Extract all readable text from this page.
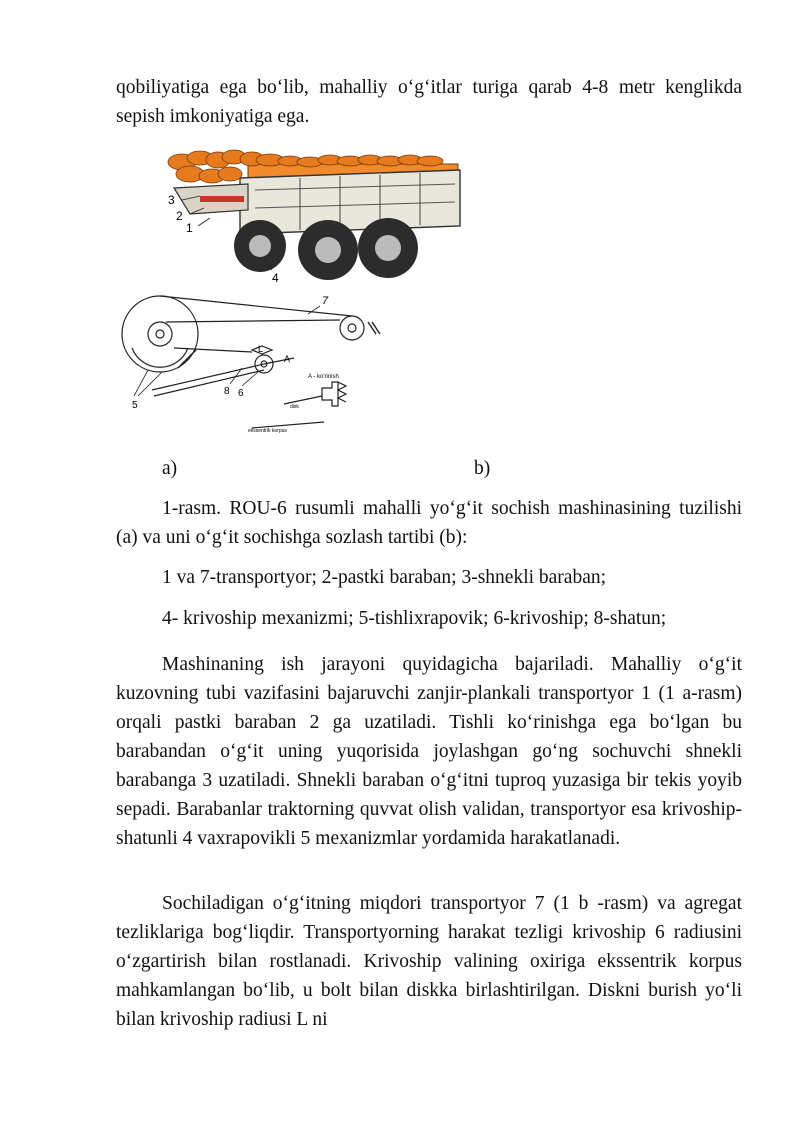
qobiliyatiga ega bo‘lib, mahalliy o‘g‘itlar turiga qarab 4-8 metr kenglikda sepish imkoniyatiga ega.

3
2
1
4
7
8 6
5
L
A
A - ko'rinish
disk
ekssentrik korpus
a)	b)

1-rasm. ROU-6 rusumli mahalli yo‘g‘it sochish mashinasining tuzilishi (a) va uni o‘g‘it sochishga sozlash tartibi (b):

1 va 7-transportyor; 2-pastki baraban; 3-shnekli baraban;
4- krivoship mexanizmi; 5-tishlixrapovik; 6-krivoship; 8-shatun;

Mashinaning ish jarayoni quyidagicha bajariladi. Mahalliy o‘g‘it kuzovning tubi vazifasini bajaruvchi zanjir-plankali transportyor 1 (1 a-rasm) orqali pastki baraban 2 ga uzatiladi. Tishli ko‘rinishga ega bo‘lgan bu barabandan o‘g‘it uning yuqorisida joylashgan go‘ng sochuvchi shnekli barabanga 3 uzatiladi. Shnekli baraban o‘g‘itni tuproq yuzasiga bir tekis yoyib sepadi. Barabanlar traktorning quvvat olish validan, transportyor esa krivoship-shatunli 4 vaxrapovikli 5 mexanizmlar yordamida harakatlanadi.

Sochiladigan o‘g‘itning miqdori transportyor 7 (1 b -rasm) va agregat tezliklariga bog‘liqdir. Transportyorning harakat tezligi krivoship 6 radiusini o‘zgartirish bilan rostlanadi. Krivoship valining oxiriga ekssentrik korpus mahkamlangan bo‘lib, u bolt bilan diskka birlashtirilgan. Diskni burish yo‘li bilan krivoship radiusi L ni
